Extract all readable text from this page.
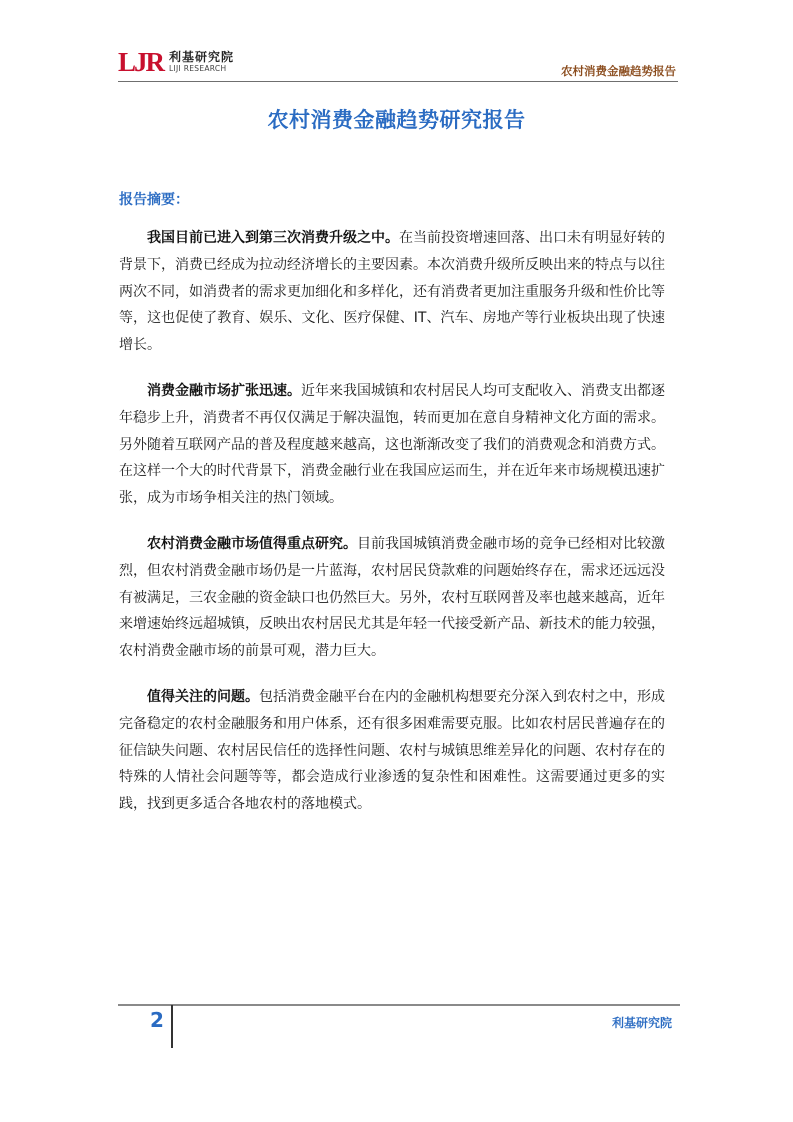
LJR 利基研究院
LIJI RESEARCH	农村消费金融趋势报告
农村消费金融趋势研究报告
报告摘要：

我国目前已进入到第三次消费升级之中。在当前投资增速回落、出口未有明显好转的背景下，消费已经成为拉动经济增长的主要因素。本次消费升级所反映出来的特点与以往两次不同，如消费者的需求更加细化和多样化，还有消费者更加注重服务升级和性价比等等，这也促使了教育、娱乐、文化、医疗保健、IT、汽车、房地产等行业板块出现了快速增长。

消费金融市场扩张迅速。近年来我国城镇和农村居民人均可支配收入、消费支出都逐年稳步上升，消费者不再仅仅满足于解决温饱，转而更加在意自身精神文化方面的需求。另外随着互联网产品的普及程度越来越高，这也渐渐改变了我们的消费观念和消费方式。在这样一个大的时代背景下，消费金融行业在我国应运而生，并在近年来市场规模迅速扩张，成为市场争相关注的热门领域。

农村消费金融市场值得重点研究。目前我国城镇消费金融市场的竞争已经相对比较激烈，但农村消费金融市场仍是一片蓝海，农村居民贷款难的问题始终存在，需求还远远没有被满足，三农金融的资金缺口也仍然巨大。另外，农村互联网普及率也越来越高，近年来增速始终远超城镇，反映出农村居民尤其是年轻一代接受新产品、新技术的能力较强，农村消费金融市场的前景可观，潜力巨大。

值得关注的问题。包括消费金融平台在内的金融机构想要充分深入到农村之中，形成完备稳定的农村金融服务和用户体系，还有很多困难需要克服。比如农村居民普遍存在的征信缺失问题、农村居民信任的选择性问题、农村与城镇思维差异化的问题、农村存在的特殊的人情社会问题等等，都会造成行业渗透的复杂性和困难性。这需要通过更多的实践，找到更多适合各地农村的落地模式。

2	利基研究院
